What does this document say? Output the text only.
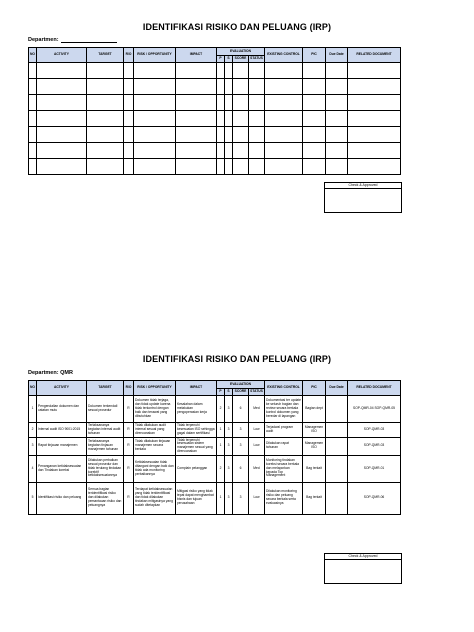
IDENTIFIKASI RISIKO DAN PELUANG (IRP)
Departmen:
NO	ACTIVITY	TARGET	R/O	RISK / OPPORTUNITY	IMPACT	EVALUATION				EXISTING CONTROL	PIC	Due Date	RELATED DOCUMENT
						P	S	SCORE	STATUS				

Check & Approved
IDENTIFIKASI RISIKO DAN PELUANG (IRP)
Departmen: QMR
NO	ACTIVITY	TARGET	R/O	RISK / OPPORTUNITY	IMPACT	EVALUATION				EXISTING CONTROL	PIC	Due Date	RELATED DOCUMENT
						P	S	SCORE	STATUS				
1	Pengendalian dokumen dan catatan mutu	Dokumen terkendali sesuai prosedur	R	Dokumen tidak terjaga, dan tidak update karena tidak terkontrol dengan baik dan terawat yang dibutuhkan	Kesalahan dalam melakukan pengoperasian kerja	2	3	6	Med	Dokumentasi ter update ke seluruh bagian dan review secara berkala kontrol dokumen yang beredar di lapangan	Bagian dept		SOP-QMR-04 SOP-QMR-05
2	Internal audit ISO 9001:2015	Terlaksananya kegiatan internal audit tahunan	R	Tidak dilakukan audit internal sesuai yang direncanakan	Tidak terpenuhi kesesuaian ISO sehingga gagal dalam sertifikasi	1	3	3	Low	Terjadwal program audit	Managemen ISO		SOP-QMR-03
3	Rapat tinjauan manajemen	Terlaksananya kegiatan tinjauan manajemen tahunan	R	Tidak dilakukan tinjauan manajemen secara berkala	Tidak terpenuhi kesesuaian sistem manajemen sesuai yang direncanakan	1	3	3	Low	Dilakukan rapat tahunan	Managemen ISO		SOP-QMR-03
4	Penanganan ketidaksesuaian dan Tindakan koreksi	Dilakukan perbaikan sesuai prosedur dan tidak terulang tindakan korektif ketidaksesuaiannya	R	Ketidaksesuaian tidak ditangani dengan baik dan tidak ada monitoring perbaikannya	Complain pelanggan	2	3	6	Med	Monitoring tindakan koreksi secara berkala dan melaporkan kepada Top Management	Bag terkait		SOP-QMR-01
5	Identifikasi risiko dan peluang	Semua bagian teridentifikasi risiko dan dilakukan pemantauan risiko dan peluangnya	R	Terdapat ketidaksesuaian yang tidak teridentifikasi dan tidak dilakukan tindakan mitigasinya yang sudah ditetapkan	Mitigasi risiko yang tidak tepat dapat menghambat bisnis dan tujuan perusahaan	1	3	3	Low	Dilakukan monitoring risiko dan peluang secara berkala serta evaluasinya	Bag terkait		SOP-QMR-06
Check & Approved
